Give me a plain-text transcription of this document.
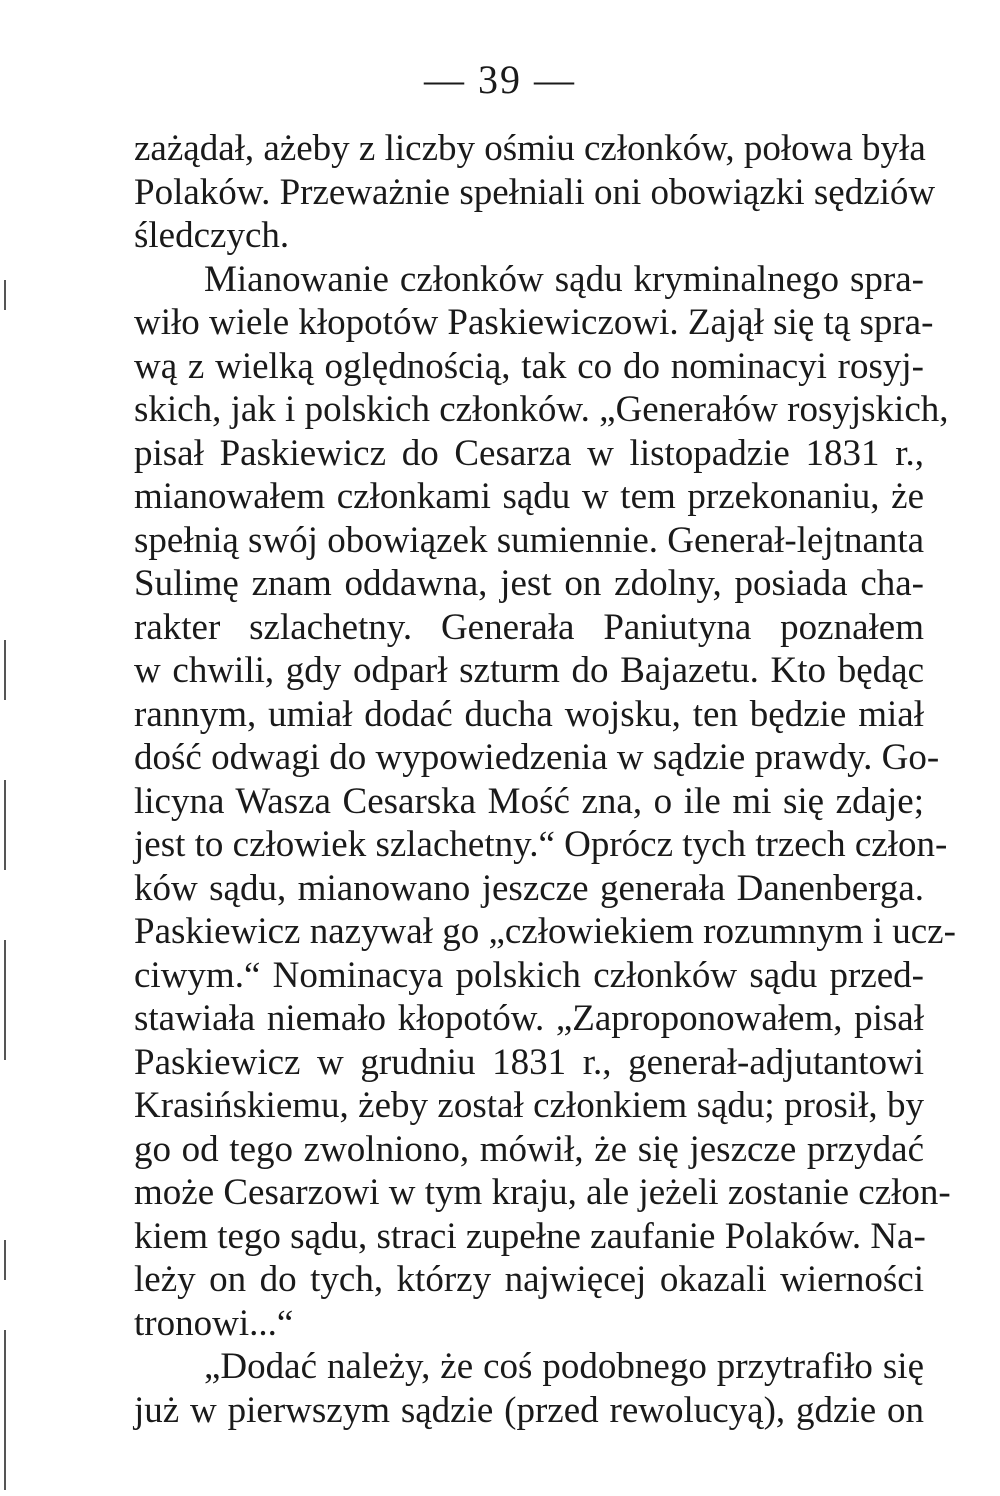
— 39 —
zażądał, ażeby z liczby ośmiu członków, połowa była
Polaków. Przeważnie spełniali oni obowiązki sędziów
śledczych.
Mianowanie członków sądu kryminalnego spra-
wiło wiele kłopotów Paskiewiczowi. Zajął się tą spra-
wą z wielką oględnością, tak co do nominacyi rosyj-
skich, jak i polskich członków. „Generałów rosyjskich,
pisał Paskiewicz do Cesarza w listopadzie 1831 r.,
mianowałem członkami sądu w tem przekonaniu, że
spełnią swój obowiązek sumiennie. Generał-lejtnanta
Sulimę znam oddawna, jest on zdolny, posiada cha-
rakter szlachetny. Generała Paniutyna poznałem
w chwili, gdy odparł szturm do Bajazetu. Kto będąc
rannym, umiał dodać ducha wojsku, ten będzie miał
dość odwagi do wypowiedzenia w sądzie prawdy. Go-
licyna Wasza Cesarska Mość zna, o ile mi się zdaje;
jest to człowiek szlachetny.“ Oprócz tych trzech człon-
ków sądu, mianowano jeszcze generała Danenberga.
Paskiewicz nazywał go „człowiekiem rozumnym i ucz-
ciwym.“ Nominacya polskich członków sądu przed-
stawiała niemało kłopotów. „Zaproponowałem, pisał
Paskiewicz w grudniu 1831 r., generał-adjutantowi
Krasińskiemu, żeby został członkiem sądu; prosił, by
go od tego zwolniono, mówił, że się jeszcze przydać
może Cesarzowi w tym kraju, ale jeżeli zostanie człon-
kiem tego sądu, straci zupełne zaufanie Polaków. Na-
leży on do tych, którzy najwięcej okazali wierności
tronowi...“
„Dodać należy, że coś podobnego przytrafiło się
już w pierwszym sądzie (przed rewolucyą), gdzie on
